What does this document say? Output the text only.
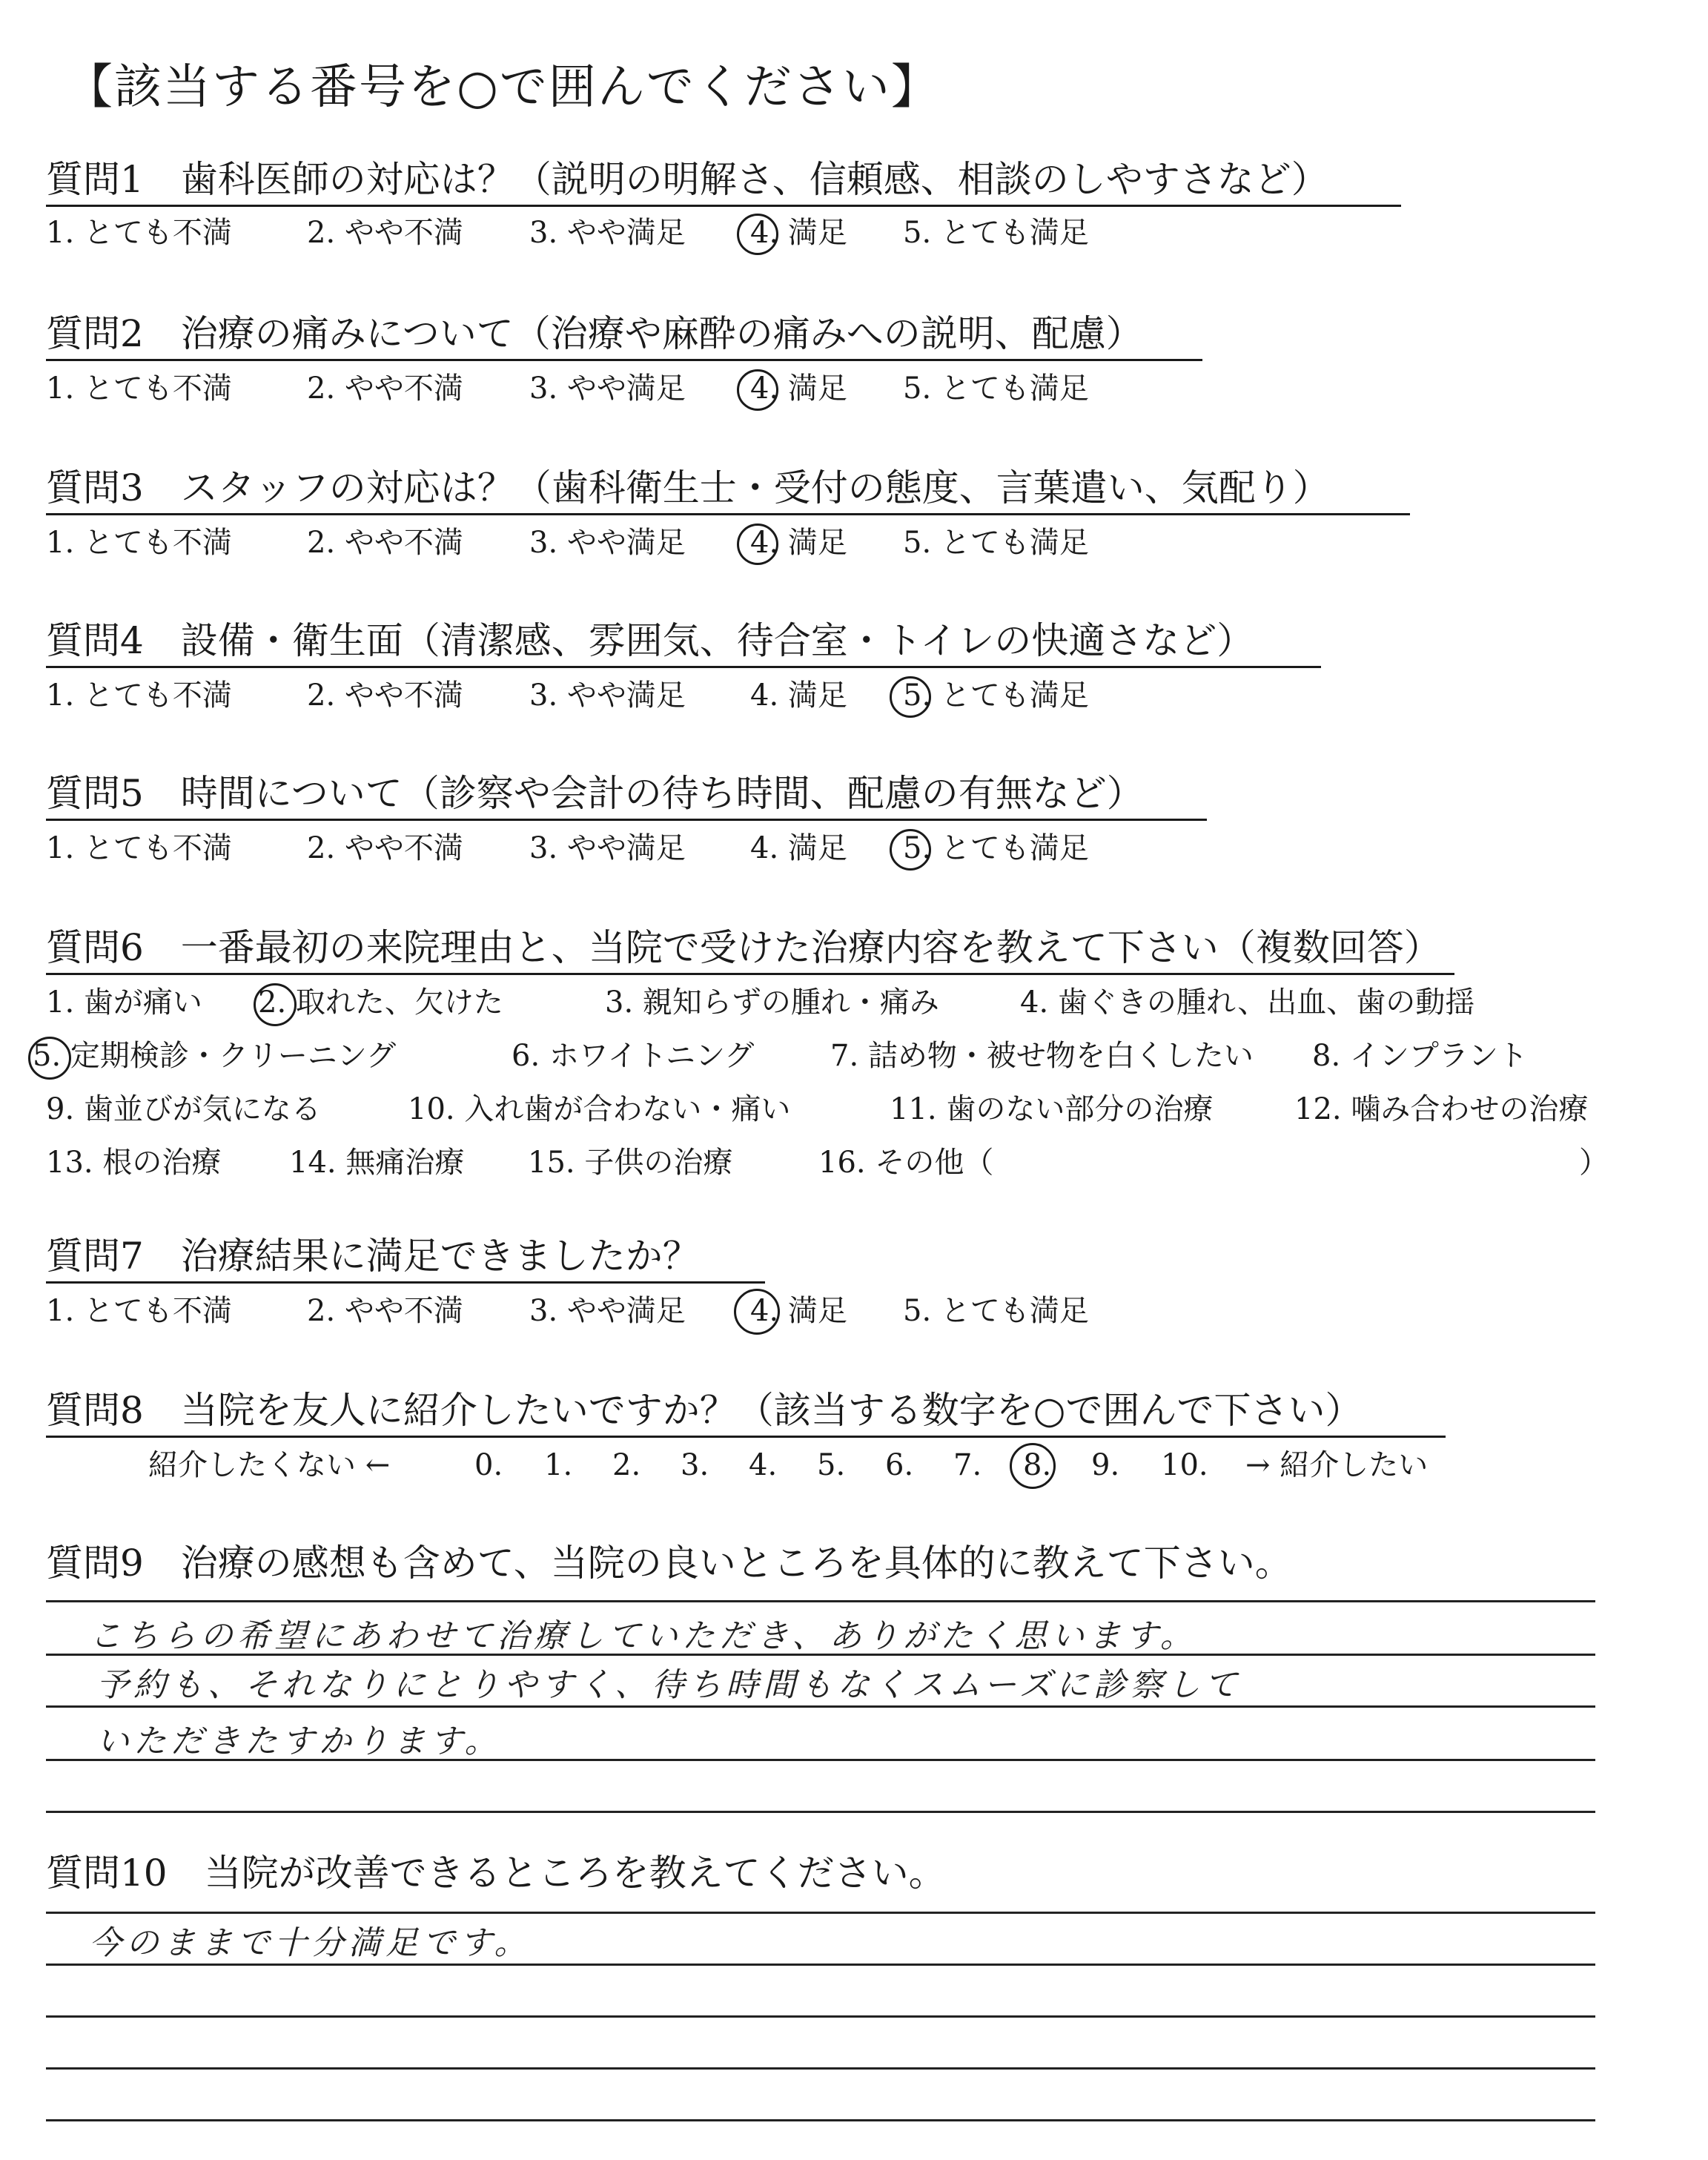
【該当する番号を○で囲んでください】
質問1　歯科医師の対応は？（説明の明解さ、信頼感、相談のしやすさなど）
1. とても不満	2. やや不満 3. やや満足 4. 満足 5. とても満足
質問2　治療の痛みについて（治療や麻酔の痛みへの説明、配慮）
1. とても不満	2. やや不満 3. やや満足 4. 満足 5. とても満足
質問3　スタッフの対応は？（歯科衛生士・受付の態度、言葉遣い、気配り）
1. とても不満	2. やや不満 3. やや満足 4. 満足 5. とても満足
質問4　設備・衛生面（清潔感、雰囲気、待合室・トイレの快適さなど）
1. とても不満	2. やや不満 3. やや満足 4. 満足 5. とても満足
質問5　時間について（診察や会計の待ち時間、配慮の有無など）
1. とても不満	2. やや不満 3. やや満足 4. 満足 5. とても満足
質問6　一番最初の来院理由と、当院で受けた治療内容を教えて下さい（複数回答）
1. 歯が痛い 2. 取れた、欠けた	3. 親知らずの腫れ・痛み	4. 歯ぐきの腫れ、出血、歯の動揺
5. 定期検診・クリーニング	6. ホワイトニング	7. 詰め物・被せ物を白くしたい 8. インプラント
9. 歯並びが気になる	10. 入れ歯が合わない・痛い	11. 歯のない部分の治療	12. 噛み合わせの治療
13. 根の治療 14. 無痛治療 15. 子供の治療	16. その他（	）
質問7　治療結果に満足できましたか？
1. とても不満	2. やや不満 3. やや満足 4. 満足 5. とても満足
質問8　当院を友人に紹介したいですか？（該当する数字を○で囲んで下さい）
紹介したくない ←	0. 1. 2. 3. 4. 5. 6. 7. 8. 9. 10. → 紹介したい
質問9　治療の感想も含めて、当院の良いところを具体的に教えて下さい。
こちらの希望にあわせて治療していただき、ありがたく思います。
予約も、それなりにとりやすく、待ち時間もなくスムーズに診察して
いただきたすかります。
質問10　当院が改善できるところを教えてください。
今のままで十分満足です。
